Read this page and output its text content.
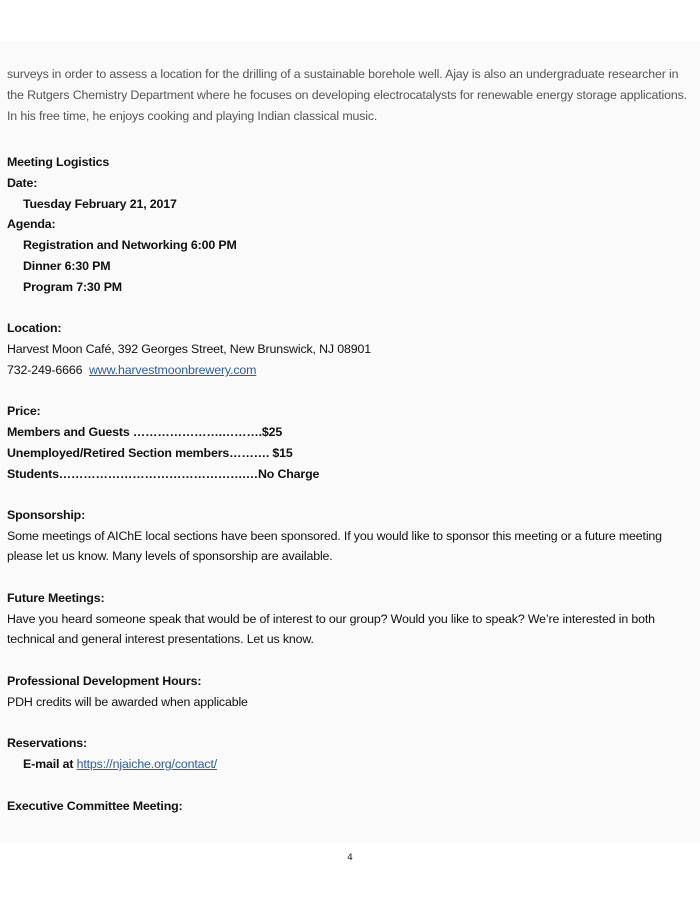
surveys in order to assess a location for the drilling of a sustainable borehole well. Ajay is also an undergraduate researcher in
the Rutgers Chemistry Department where he focuses on developing electrocatalysts for renewable energy storage applications.
In his free time, he enjoys cooking and playing Indian classical music.
Meeting Logistics
Date:
Tuesday February 21, 2017
Agenda:
Registration and Networking 6:00 PM
Dinner 6:30 PM
Program 7:30 PM
Location:
Harvest Moon Café, 392 Georges Street, New Brunswick, NJ 08901
732-249-6666 www.harvestmoonbrewery.com
Price:
Members and Guests ………………….……….$25
Unemployed/Retired Section members………. $15
Students……………………………………….…No Charge
Sponsorship:
Some meetings of AIChE local sections have been sponsored. If you would like to sponsor this meeting or a future meeting
please let us know. Many levels of sponsorship are available.
Future Meetings:
Have you heard someone speak that would be of interest to our group? Would you like to speak? We’re interested in both
technical and general interest presentations. Let us know.
Professional Development Hours:
PDH credits will be awarded when applicable
Reservations:
E-mail at https://njaiche.org/contact/
Executive Committee Meeting:
4
